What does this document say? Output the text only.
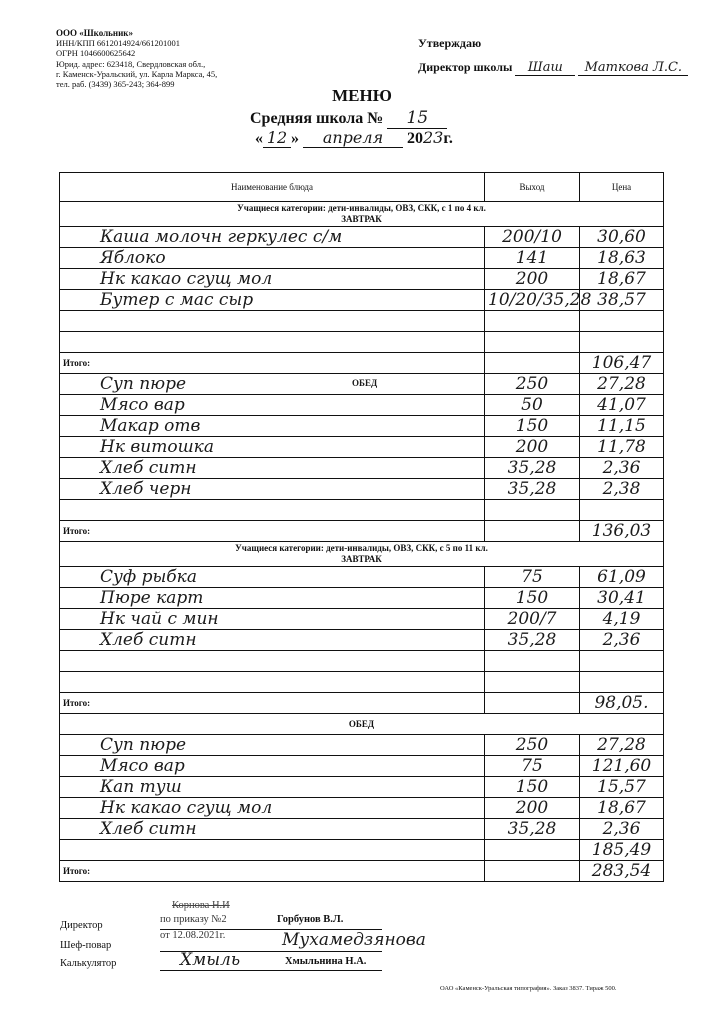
ООО «Школьник»
ИНН/КПП 6612014924/661201001
ОГРН 1046600625642
Юрид. адрес: 623418, Свердловская обл.,
г. Каменск-Уральский, ул. Карла Маркса, 45,
тел. раб. (3439) 365-243; 364-899
Утверждаю
Директор школы Шаш Маткова Л.С.
МЕНЮ
Средняя школа № 15
« 12 » апреля 2023г.
Наименование блюда	Выход	Цена

Учащиеся категории: дети-инвалиды, ОВЗ, СКК, с 1 по 4 кл.
ЗАВТРАК		

Каша молочн геркулес с/м	200/10	30,60
Яблоко	141	18,63
Нк какао сгущ мол	200	18,67
Бутер с мас сыр	10/20/35,28	38,57

Итого:		106,47
Суп пюре ОБЕД	250	27,28
Мясо вар	50	41,07
Макар отв	150	11,15
Нк витошка	200	11,78
Хлеб ситн	35,28	2,36
Хлеб черн	35,28	2,38

Итого:		136,03

Учащиеся категории: дети-инвалиды, ОВЗ, СКК, с 5 по 11 кл.
ЗАВТРАК		

Суф рыбка	75	61,09
Пюре карт	150	30,41
Нк чай с мин	200/7	4,19
Хлеб ситн	35,28	2,36

Итого:		98,05.
ОБЕД		
Суп пюре	250	27,28
Мясо вар	75	121,60
Кап туш	150	15,57
Нк какао сгущ мол	200	18,67
Хлеб ситн	35,28	2,36
		185,49
Итого:		283,54
Директор
Корнова Н.И
по приказу №2
от 12.08.2021г.
Горбунов В.Л.
Шеф-повар	Мухамедзянова
Калькулятор	Хмыль	Хмыльнина Н.А.
ОАО «Каменск-Уральская типография». Заказ 3837. Тираж 500.
